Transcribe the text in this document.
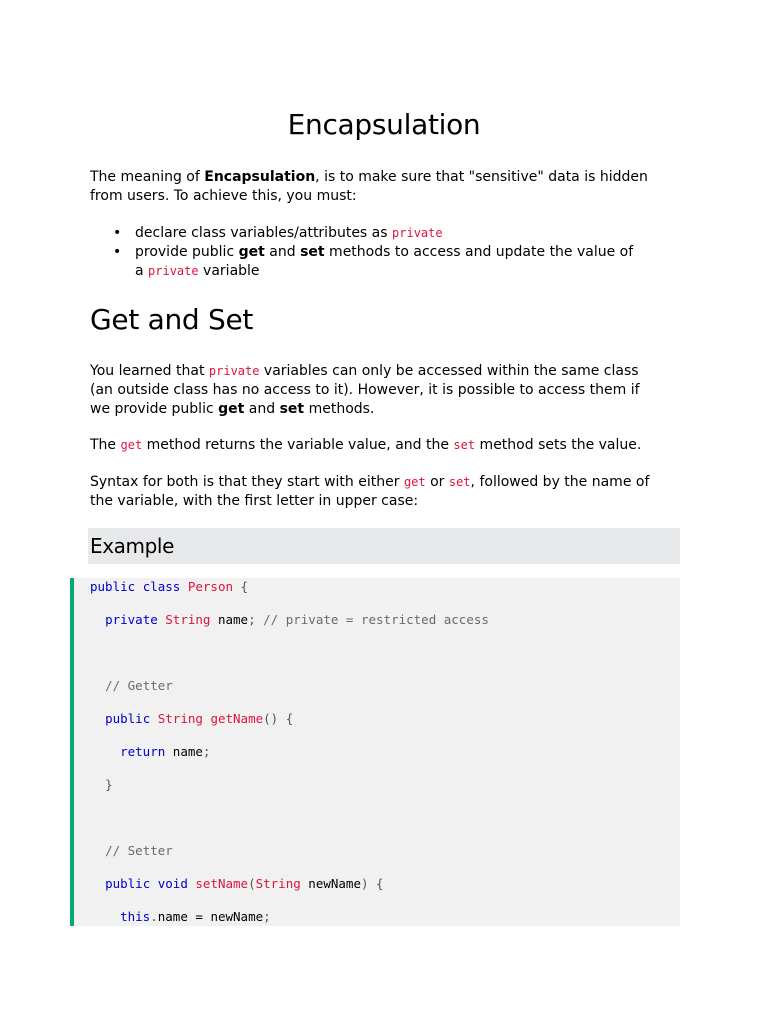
Encapsulation

The meaning of Encapsulation, is to make sure that "sensitive" data is hidden
from users. To achieve this, you must:

• declare class variables/attributes as private
• provide public get and set methods to access and update the value of
a private variable
Get and Set

You learned that private variables can only be accessed within the same class
(an outside class has no access to it). However, it is possible to access them if
we provide public get and set methods.

The get method returns the variable value, and the set method sets the value.

Syntax for both is that they start with either get or set, followed by the name of
the variable, with the first letter in upper case:

Example
public class Person {
private String name; // private = restricted access
// Getter
public String getName() {
return name;
}
// Setter
public void setName(String newName) {
this.name = newName;
